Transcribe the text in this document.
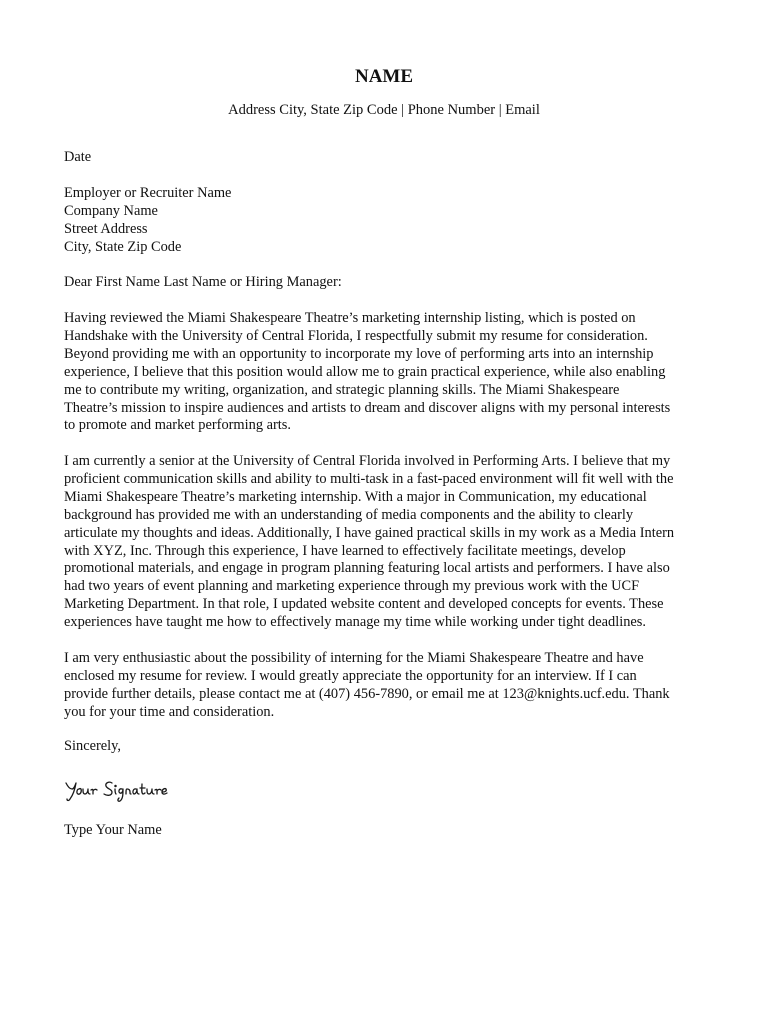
NAME
Address City, State Zip Code | Phone Number | Email
Date
Employer or Recruiter Name
Company Name
Street Address
City, State Zip Code
Dear First Name Last Name or Hiring Manager:
Having reviewed the Miami Shakespeare Theatre’s marketing internship listing, which is posted on
Handshake with the University of Central Florida, I respectfully submit my resume for consideration.
Beyond providing me with an opportunity to incorporate my love of performing arts into an internship
experience, I believe that this position would allow me to grain practical experience, while also enabling
me to contribute my writing, organization, and strategic planning skills. The Miami Shakespeare
Theatre’s mission to inspire audiences and artists to dream and discover aligns with my personal interests
to promote and market performing arts.
I am currently a senior at the University of Central Florida involved in Performing Arts. I believe that my
proficient communication skills and ability to multi-task in a fast-paced environment will fit well with the
Miami Shakespeare Theatre’s marketing internship. With a major in Communication, my educational
background has provided me with an understanding of media components and the ability to clearly
articulate my thoughts and ideas. Additionally, I have gained practical skills in my work as a Media Intern
with XYZ, Inc. Through this experience, I have learned to effectively facilitate meetings, develop
promotional materials, and engage in program planning featuring local artists and performers. I have also
had two years of event planning and marketing experience through my previous work with the UCF
Marketing Department. In that role, I updated website content and developed concepts for events. These
experiences have taught me how to effectively manage my time while working under tight deadlines.
I am very enthusiastic about the possibility of interning for the Miami Shakespeare Theatre and have
enclosed my resume for review. I would greatly appreciate the opportunity for an interview. If I can
provide further details, please contact me at (407) 456-7890, or email me at 123@knights.ucf.edu. Thank
you for your time and consideration.
Sincerely,
Type Your Name
